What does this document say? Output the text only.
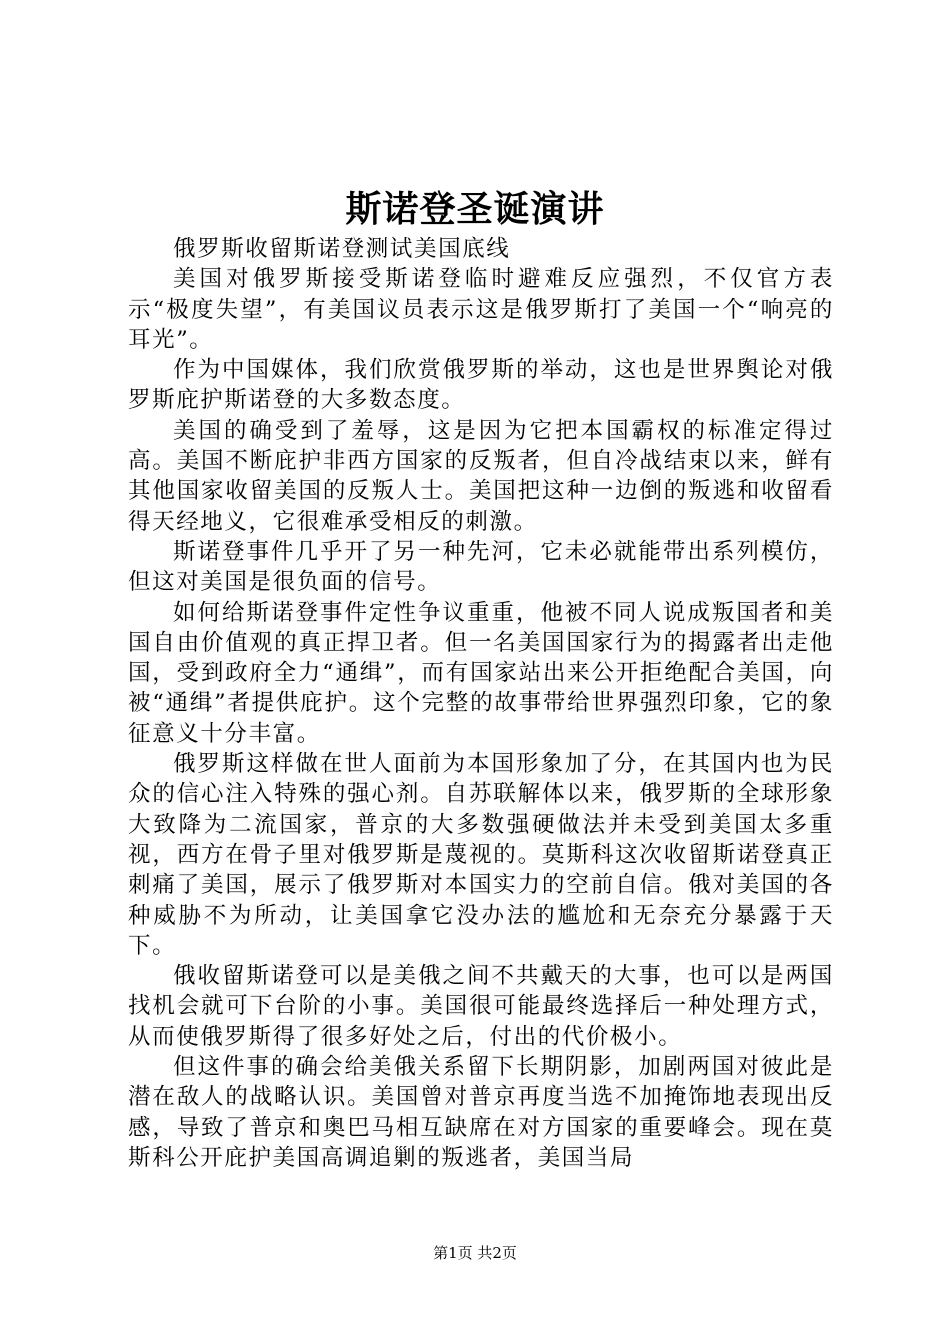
斯诺登圣诞演讲

俄罗斯收留斯诺登测试美国底线

美国对俄罗斯接受斯诺登临时避难反应强烈，不仅官方表示“极度失望”，有美国议员表示这是俄罗斯打了美国一个“响亮的耳光”。

作为中国媒体，我们欣赏俄罗斯的举动，这也是世界舆论对俄罗斯庇护斯诺登的大多数态度。

美国的确受到了羞辱，这是因为它把本国霸权的标准定得过高。美国不断庇护非西方国家的反叛者，但自冷战结束以来，鲜有其他国家收留美国的反叛人士。美国把这种一边倒的叛逃和收留看得天经地义，它很难承受相反的刺激。

斯诺登事件几乎开了另一种先河，它未必就能带出系列模仿，但这对美国是很负面的信号。

如何给斯诺登事件定性争议重重，他被不同人说成叛国者和美国自由价值观的真正捍卫者。但一名美国国家行为的揭露者出走他国，受到政府全力“通缉”，而有国家站出来公开拒绝配合美国，向被“通缉”者提供庇护。这个完整的故事带给世界强烈印象，它的象征意义十分丰富。

俄罗斯这样做在世人面前为本国形象加了分，在其国内也为民众的信心注入特殊的强心剂。自苏联解体以来，俄罗斯的全球形象大致降为二流国家，普京的大多数强硬做法并未受到美国太多重视，西方在骨子里对俄罗斯是蔑视的。莫斯科这次收留斯诺登真正刺痛了美国，展示了俄罗斯对本国实力的空前自信。俄对美国的各种威胁不为所动，让美国拿它没办法的尴尬和无奈充分暴露于天下。

俄收留斯诺登可以是美俄之间不共戴天的大事，也可以是两国找机会就可下台阶的小事。美国很可能最终选择后一种处理方式，从而使俄罗斯得了很多好处之后，付出的代价极小。

但这件事的确会给美俄关系留下长期阴影，加剧两国对彼此是潜在敌人的战略认识。美国曾对普京再度当选不加掩饰地表现出反感，导致了普京和奥巴马相互缺席在对方国家的重要峰会。现在莫斯科公开庇护美国高调追剿的叛逃者，美国当局

第1页 共2页
